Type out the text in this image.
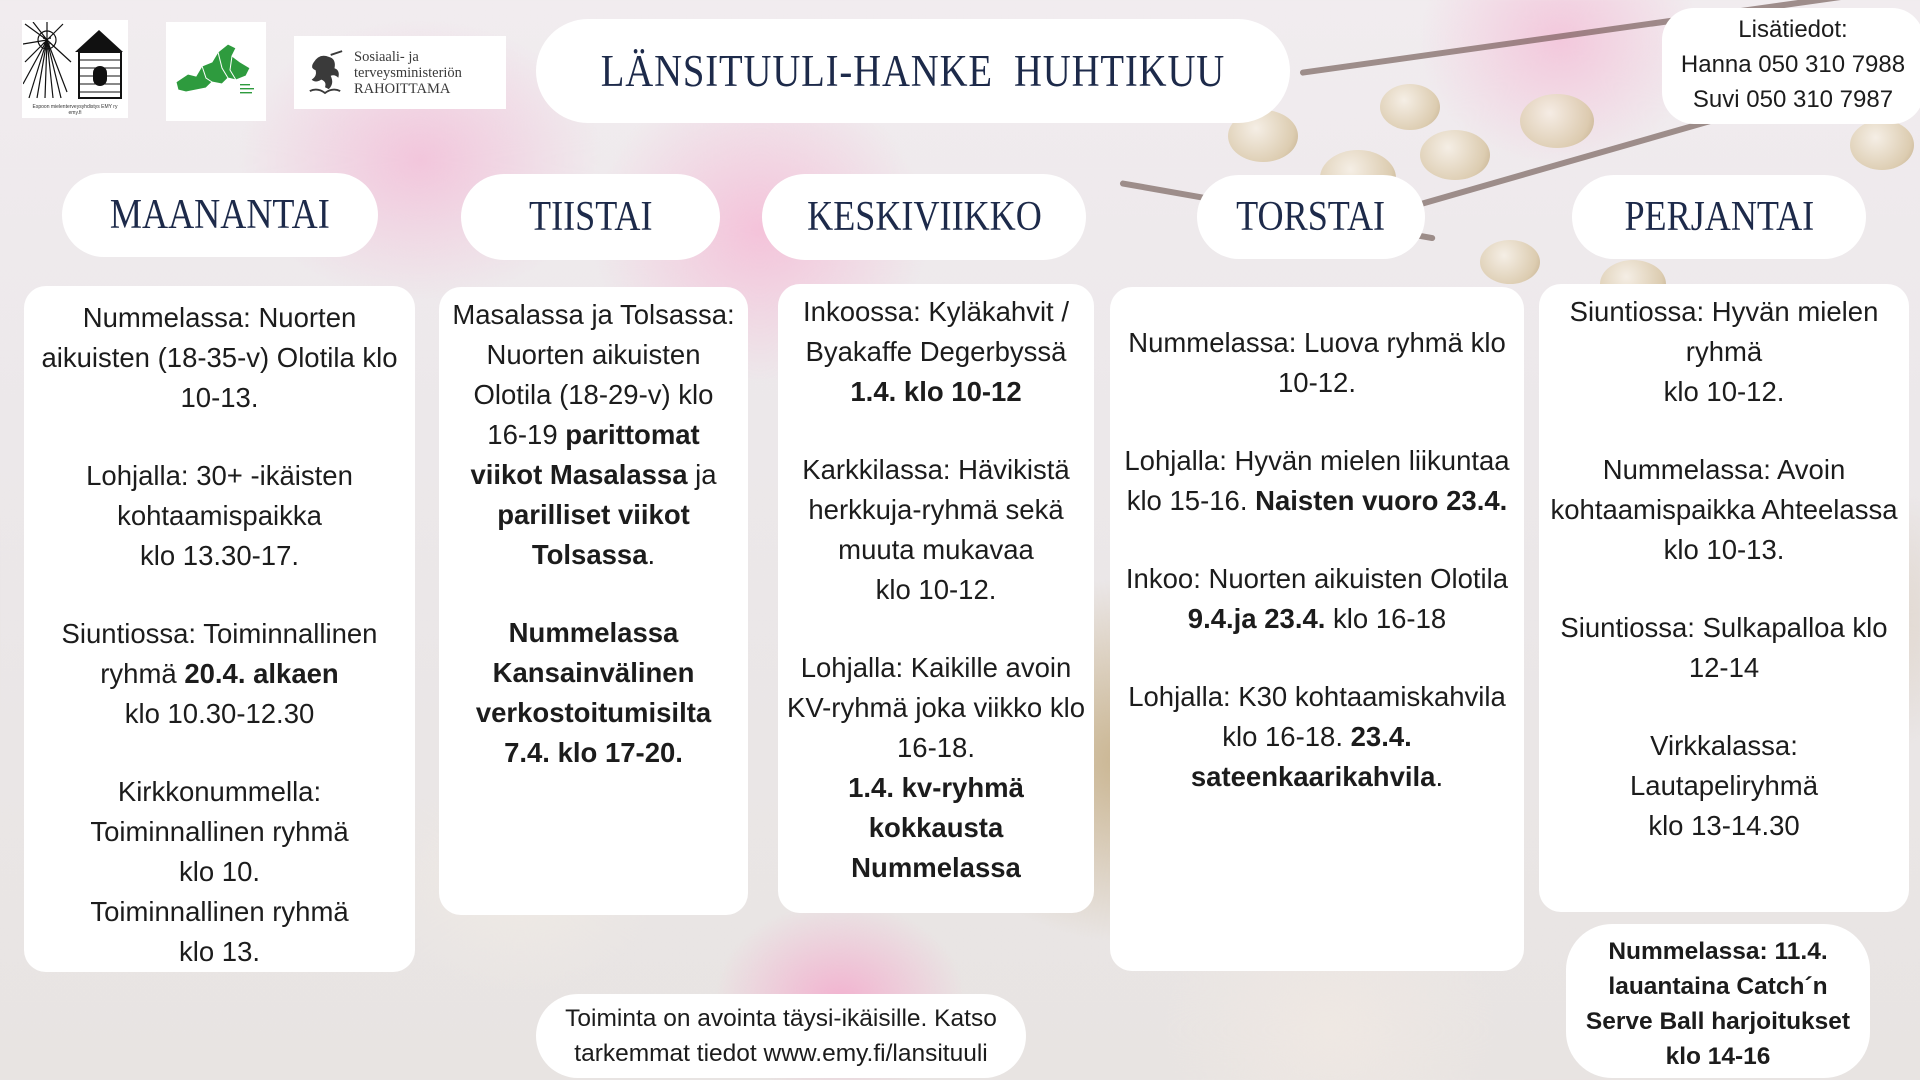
Espoon mielenterveysyhdistys EMY ry
emy.fi
Sosiaali- ja
terveysministeriön
RAHOITTAMA	LÄNSITUULI-HANKE  HUHTIKUU
Lisätiedot:
Hanna 050 310 7988
Suvi 050 310 7987
MAANANTAI	TIISTAI	KESKIVIIKKO	TORSTAI	PERJANTAI

Nummelassa: Nuorten aikuisten (18-35-v) Olotila klo 10-13.

Lohjalla: 30+ -ikäisten kohtaamispaikka
klo 13.30-17.

Siuntiossa: Toiminnallinen ryhmä 20.4. alkaen
klo 10.30-12.30

Kirkkonummella:
Toiminnallinen ryhmä
klo 10.
Toiminnallinen ryhmä
klo 13.

Masalassa ja Tolsassa: Nuorten aikuisten Olotila (18-29-v) klo 16-19 parittomat viikot Masalassa ja parilliset viikot Tolsassa.

Nummelassa Kansainvälinen verkostoitumisilta 7.4. klo 17-20.

Inkoossa: Kyläkahvit / Byakaffe Degerbyssä
1.4. klo 10-12

Karkkilassa: Hävikistä herkkuja-ryhmä sekä muuta mukavaa
klo 10-12.

Lohjalla: Kaikille avoin KV-ryhmä joka viikko klo 16-18.
1.4. kv-ryhmä kokkausta Nummelassa

Nummelassa: Luova ryhmä klo 10-12.

Lohjalla: Hyvän mielen liikuntaa klo 15-16. Naisten vuoro 23.4.

Inkoo: Nuorten aikuisten Olotila 9.4.ja 23.4. klo 16-18

Lohjalla: K30 kohtaamiskahvila klo 16-18. 23.4. sateenkaarikahvila.

Siuntiossa: Hyvän mielen ryhmä
klo 10-12.

Nummelassa: Avoin kohtaamispaikka Ahteelassa klo 10-13.

Siuntiossa: Sulkapalloa klo 12-14

Virkkalassa:
Lautapeliryhmä
klo 13-14.30

Toiminta on avointa täysi-ikäisille. Katso
tarkemmat tiedot www.emy.fi/lansituuli
Nummelassa: 11.4.
lauantaina Catch´n
Serve Ball harjoitukset
klo 14-16
